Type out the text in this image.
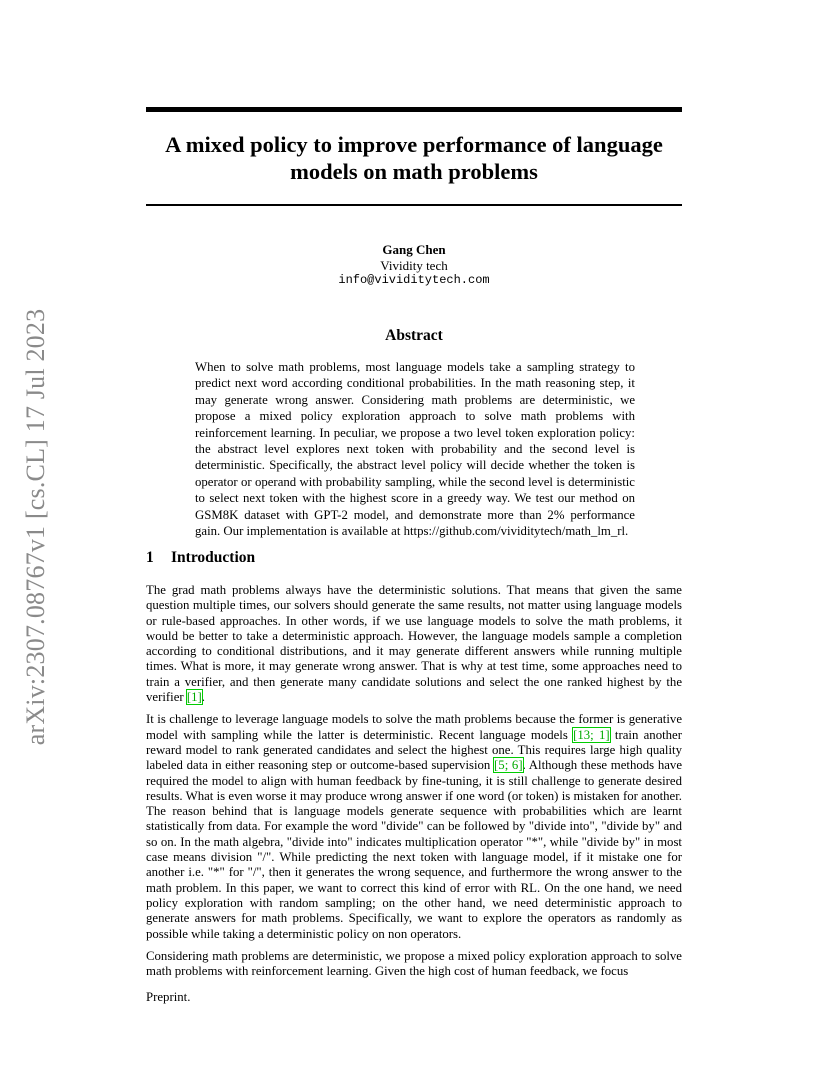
arXiv:2307.08767v1 [cs.CL] 17 Jul 2023
A mixed policy to improve performance of language models on math problems
Gang Chen
Vividity tech
info@vividitytech.com
Abstract
When to solve math problems, most language models take a sampling strategy to predict next word according conditional probabilities. In the math reasoning step, it may generate wrong answer. Considering math problems are deterministic, we propose a mixed policy exploration approach to solve math problems with reinforcement learning. In peculiar, we propose a two level token exploration policy: the abstract level explores next token with probability and the second level is deterministic. Specifically, the abstract level policy will decide whether the token is operator or operand with probability sampling, while the second level is deterministic to select next token with the highest score in a greedy way. We test our method on GSM8K dataset with GPT-2 model, and demonstrate more than 2% performance gain. Our implementation is available at https://github.com/vividitytech/math_lm_rl.
1 Introduction

The grad math problems always have the deterministic solutions. That means that given the same question multiple times, our solvers should generate the same results, not matter using language models or rule-based approaches. In other words, if we use language models to solve the math problems, it would be better to take a deterministic approach. However, the language models sample a completion according to conditional distributions, and it may generate different answers while running multiple times. What is more, it may generate wrong answer. That is why at test time, some approaches need to train a verifier, and then generate many candidate solutions and select the one ranked highest by the verifier [1].

It is challenge to leverage language models to solve the math problems because the former is generative model with sampling while the latter is deterministic. Recent language models [13; 1] train another reward model to rank generated candidates and select the highest one. This requires large high quality labeled data in either reasoning step or outcome-based supervision [5; 6]. Although these methods have required the model to align with human feedback by fine-tuning, it is still challenge to generate desired results. What is even worse it may produce wrong answer if one word (or token) is mistaken for another. The reason behind that is language models generate sequence with probabilities which are learnt statistically from data. For example the word "divide" can be followed by "divide into", "divide by" and so on. In the math algebra, "divide into" indicates multiplication operator "*", while "divide by" in most case means division "/". While predicting the next token with language model, if it mistake one for another i.e. "*" for "/", then it generates the wrong sequence, and furthermore the wrong answer to the math problem. In this paper, we want to correct this kind of error with RL. On the one hand, we need policy exploration with random sampling; on the other hand, we need deterministic approach to generate answers for math problems. Specifically, we want to explore the operators as randomly as possible while taking a deterministic policy on non operators.

Considering math problems are deterministic, we propose a mixed policy exploration approach to solve math problems with reinforcement learning. Given the high cost of human feedback, we focus

Preprint.
